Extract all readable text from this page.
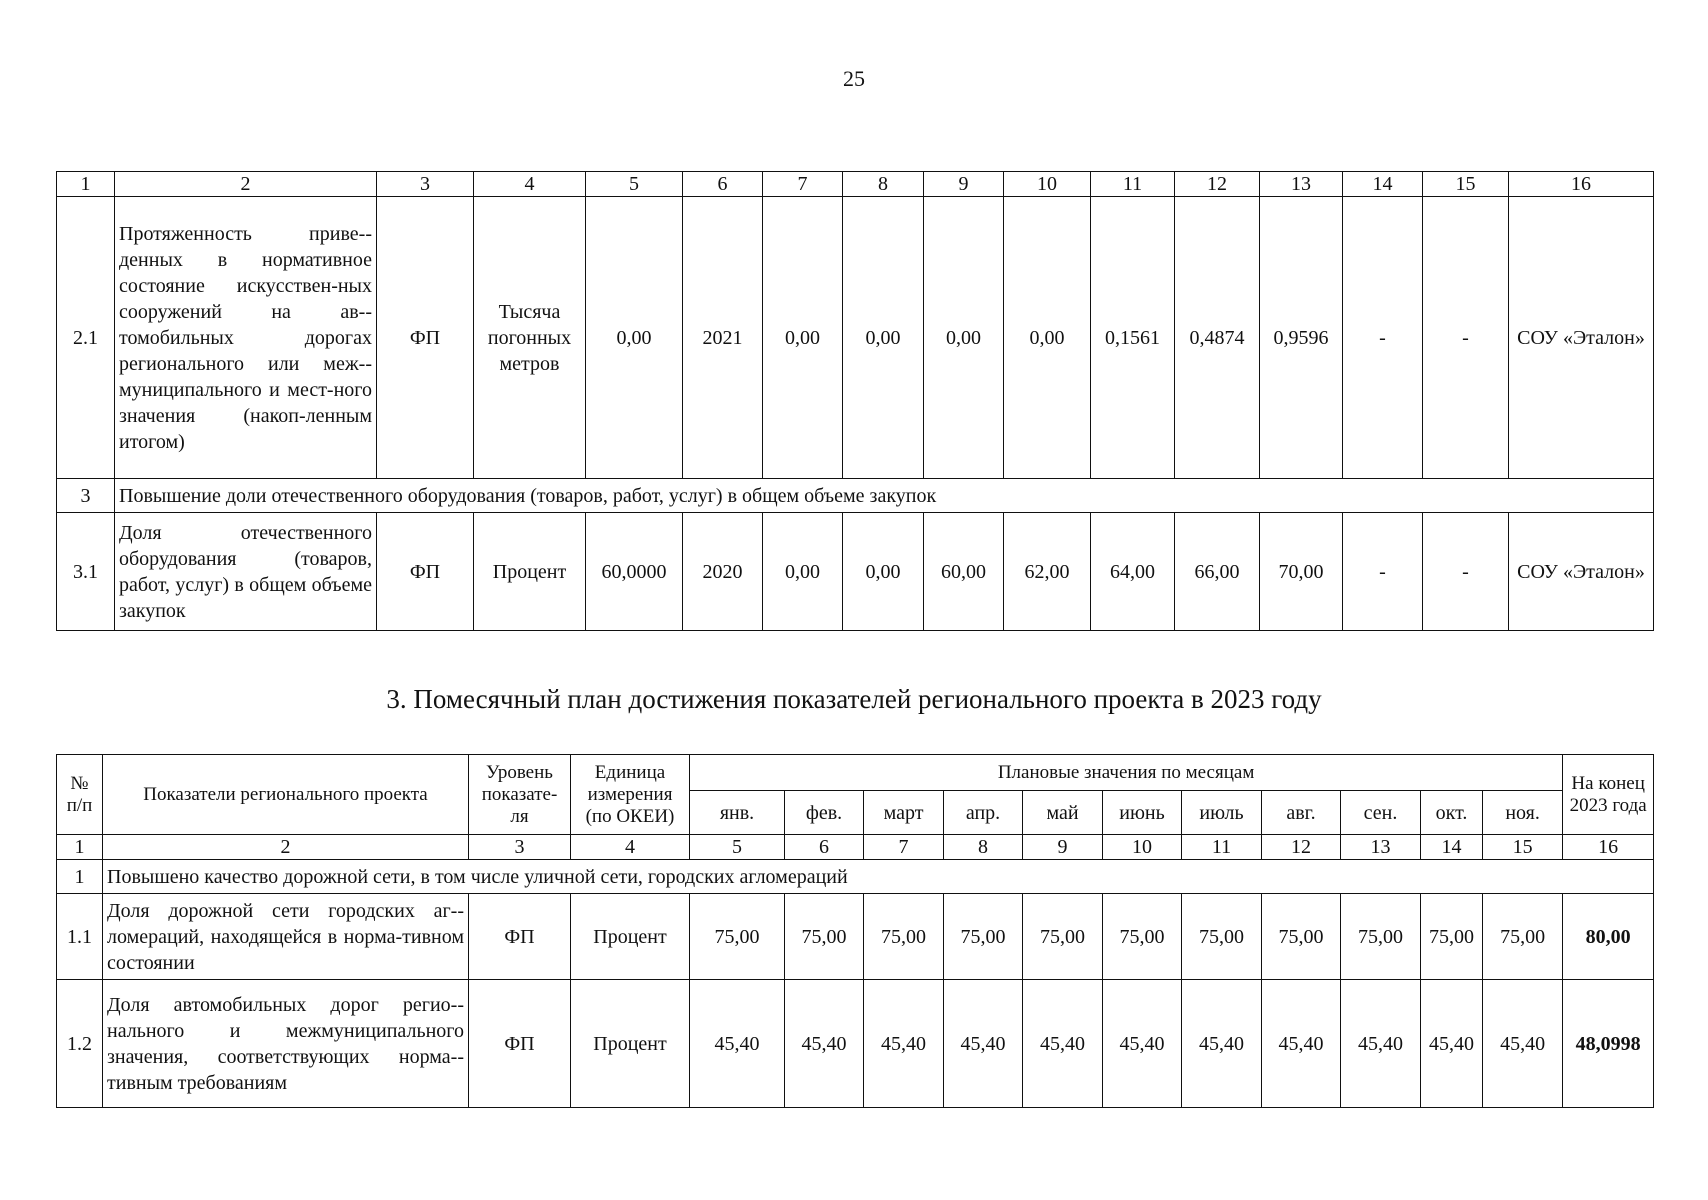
25
1	2	3	4	5	6	7	8	9	10	11	12	13	14	15	16
2.1	Протяженность приве-денных в нормативное состояние искусствен-ных сооружений на ав-томобильных дорогах регионального или меж-муниципального и мест-ного значения (накоп-ленным итогом)	ФП	Тысяча погонных метров	0,00	2021	0,00	0,00	0,00	0,00	0,1561	0,4874	0,9596	-	-	СОУ «Эталон»
3	Повышение доли отечественного оборудования (товаров, работ, услуг) в общем объеме закупок														
3.1	Доля отечественного оборудования (товаров, работ, услуг) в общем объеме закупок	ФП	Процент	60,0000	2020	0,00	0,00	60,00	62,00	64,00	66,00	70,00	-	-	СОУ «Эталон»
3. Помесячный план достижения показателей регионального проекта в 2023 году
№ п/п	Показатели регионального проекта	Уровень показате-ля	Единица измерения (по ОКЕИ)	Плановые значения по месяцам											На конец 2023 года
				янв.	фев.	март	апр.	май	июнь	июль	авг.	сен.	окт.	ноя.	
1	2	3	4	5	6	7	8	9	10	11	12	13	14	15	16
1	Повышено качество дорожной сети, в том числе уличной сети, городских агломераций														
1.1	Доля дорожной сети городских аг-ломераций, находящейся в норма-тивном состоянии	ФП	Процент	75,00	75,00	75,00	75,00	75,00	75,00	75,00	75,00	75,00	75,00	75,00	80,00
1.2	Доля автомобильных дорог регио-нального и межмуниципального значения, соответствующих норма-тивным требованиям	ФП	Процент	45,40	45,40	45,40	45,40	45,40	45,40	45,40	45,40	45,40	45,40	45,40	48,0998
